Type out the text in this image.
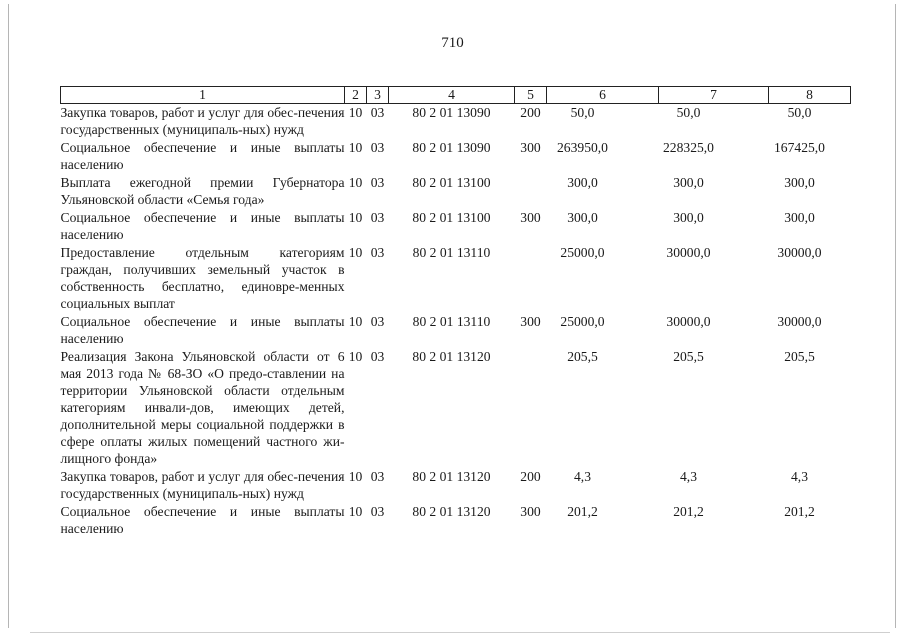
710
1	2	3	4	5	6	7	8
Закупка товаров, работ и услуг для обес-печения государственных (муниципаль-ных) нужд	10	03	80 2 01 13090	200	50,0	50,0	50,0
Социальное обеспечение и иные выплаты населению	10	03	80 2 01 13090	300	263950,0	228325,0	167425,0
Выплата ежегодной премии Губернатора Ульяновской области «Семья года»	10	03	80 2 01 13100		300,0	300,0	300,0
Социальное обеспечение и иные выплаты населению	10	03	80 2 01 13100	300	300,0	300,0	300,0
Предоставление отдельным категориям граждан, получивших земельный участок в собственность бесплатно, единовре-менных социальных выплат	10	03	80 2 01 13110		25000,0	30000,0	30000,0
Социальное обеспечение и иные выплаты населению	10	03	80 2 01 13110	300	25000,0	30000,0	30000,0
Реализация Закона Ульяновской области от 6 мая 2013 года № 68-ЗО «О предо-ставлении на территории Ульяновской области отдельным категориям инвали-дов, имеющих детей, дополнительной меры социальной поддержки в сфере оплаты жилых помещений частного жи-лищного фонда»	10	03	80 2 01 13120		205,5	205,5	205,5
Закупка товаров, работ и услуг для обес-печения государственных (муниципаль-ных) нужд	10	03	80 2 01 13120	200	4,3	4,3	4,3
Социальное обеспечение и иные выплаты населению	10	03	80 2 01 13120	300	201,2	201,2	201,2
